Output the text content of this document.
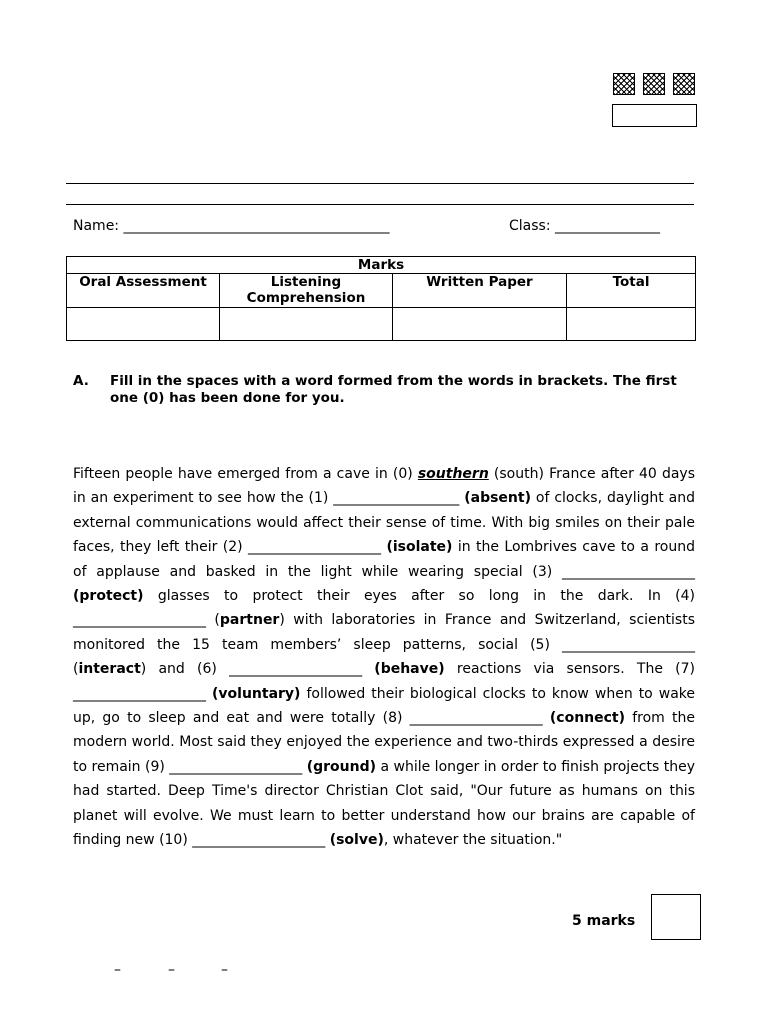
Name: ______________________________________	Class: _______________
Marks			
Oral Assessment	Listening Comprehension	Written Paper	Total

A. Fill in the spaces with a word formed from the words in brackets. The first one (0) has been done for you.
Fifteen people have emerged from a cave in (0) southern (south) France after 40 days in an experiment to see how the (1) __________________ (absent) of clocks, daylight and external communications would affect their sense of time. With big smiles on their pale faces, they left their (2) ___________________ (isolate) in the Lombrives cave to a round of applause and basked in the light while wearing special (3) ___________________ (protect) glasses to protect their eyes after so long in the dark. In (4) ___________________ (partner) with laboratories in France and Switzerland, scientists monitored the 15 team members’ sleep patterns, social (5) ___________________ (interact) and (6) ___________________ (behave) reactions via sensors. The (7) ___________________ (voluntary) followed their biological clocks to know when to wake up, go to sleep and eat and were totally (8) ___________________ (connect) from the modern world. Most said they enjoyed the experience and two-thirds expressed a desire to remain (9) ___________________ (ground) a while longer in order to finish projects they had started. Deep Time's director Christian Clot said, "Our future as humans on this planet will evolve. We must learn to better understand how our brains are capable of finding new (10) ___________________ (solve), whatever the situation."
5 marks
–	–	–
